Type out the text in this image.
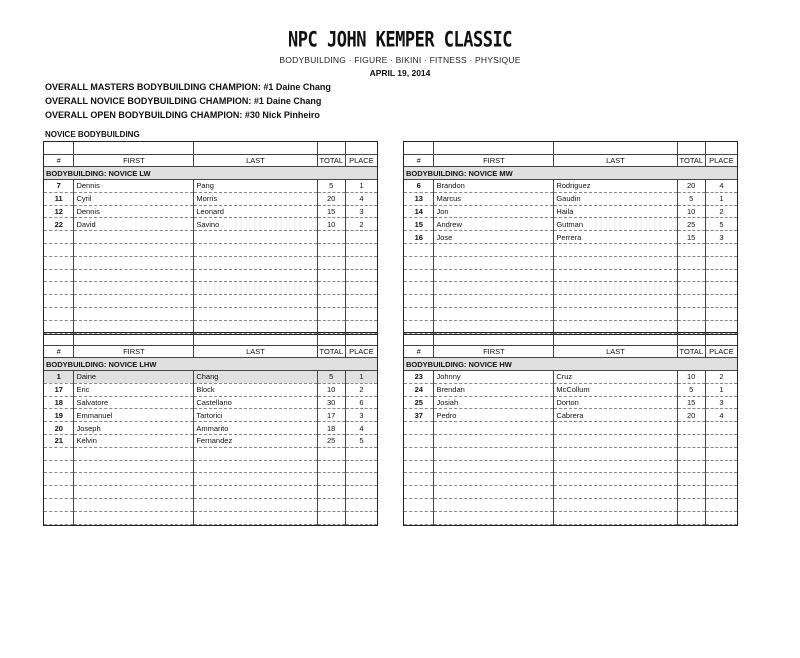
NPC JOHN KEMPER CLASSIC
BODYBUILDING · FIGURE · BIKINI · FITNESS · PHYSIQUE
APRIL 19, 2014
OVERALL MASTERS BODYBUILDING CHAMPION: #1 Daine Chang
OVERALL NOVICE BODYBUILDING CHAMPION: #1 Daine Chang
OVERALL OPEN BODYBUILDING CHAMPION: #30 Nick Pinheiro
NOVICE BODYBUILDING

#	FIRST	LAST	TOTAL	PLACE
BODYBUILDING: NOVICE LW				
7	Dennis	Pang	5	1
11	Cyril	Morris	20	4
12	Dennis	Leonard	15	3
22	David	Savino	10	2

#	FIRST	LAST	TOTAL	PLACE
BODYBUILDING: NOVICE MW				
6	Brandon	Rodriguez	20	4
13	Marcus	Gaudin	5	1
14	Jon	Haila	10	2
15	Andrew	Gutman	25	5
16	Jose	Perrera	15	3

#	FIRST	LAST	TOTAL	PLACE
BODYBUILDING: NOVICE LHW				
1	Daine	Chang	5	1
17	Eric	Block	10	2
18	Salvatore	Castellano	30	6
19	Emmanuel	Tartorici	17	3
20	Joseph	Ammarito	18	4
21	Kelvin	Fernandez	25	5

#	FIRST	LAST	TOTAL	PLACE
BODYBUILDING: NOVICE HW				
23	Johnny	Cruz	10	2
24	Brendan	McCollum	5	1
25	Josiah	Dorton	15	3
37	Pedro	Cabrera	20	4
